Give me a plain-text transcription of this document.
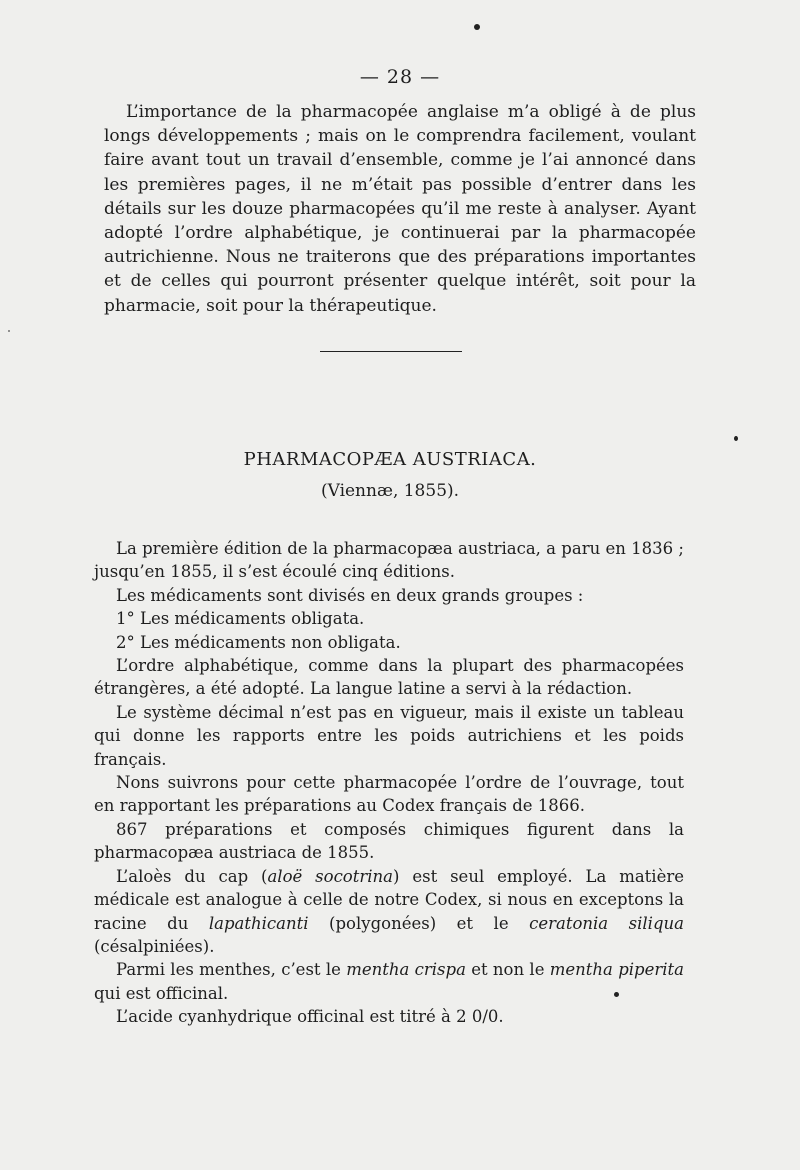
— 28 —

L’importance de la pharmacopée anglaise m’a obligé à de plus longs développements ; mais on le comprendra facilement, voulant faire avant tout un travail d’ensemble, comme je l’ai annoncé dans les premières pages, il ne m’était pas possible d’entrer dans les détails sur les douze pharmacopées qu’il me reste à analyser. Ayant adopté l’ordre alphabétique, je continuerai par la pharmacopée autrichienne. Nous ne traiterons que des préparations importantes et de celles qui pourront présenter quelque intérêt, soit pour la pharmacie, soit pour la thérapeutique.

PHARMACOPÆA AUSTRIACA.
(Viennæ, 1855).

La première édition de la pharmacopæa austriaca, a paru en 1836 ; jusqu’en 1855, il s’est écoulé cinq éditions.

Les médicaments sont divisés en deux grands groupes :

1° Les médicaments obligata.

2° Les médicaments non obligata.

L’ordre alphabétique, comme dans la plupart des pharmacopées étrangères, a été adopté. La langue latine a servi à la rédaction.

Le système décimal n’est pas en vigueur, mais il existe un tableau qui donne les rapports entre les poids autrichiens et les poids français.

Nons suivrons pour cette pharmacopée l’ordre de l’ouvrage, tout en rapportant les préparations au Codex français de 1866.

867 préparations et composés chimiques figurent dans la pharmacopæa austriaca de 1855.

L’aloès du cap (aloë socotrina) est seul employé. La matière médicale est analogue à celle de notre Codex, si nous en exceptons la racine du lapathicanti (polygonées) et le ceratonia siliqua (césalpiniées).

Parmi les menthes, c’est le mentha crispa et non le mentha piperita qui est officinal.

L’acide cyanhydrique officinal est titré à 2 0/0.
